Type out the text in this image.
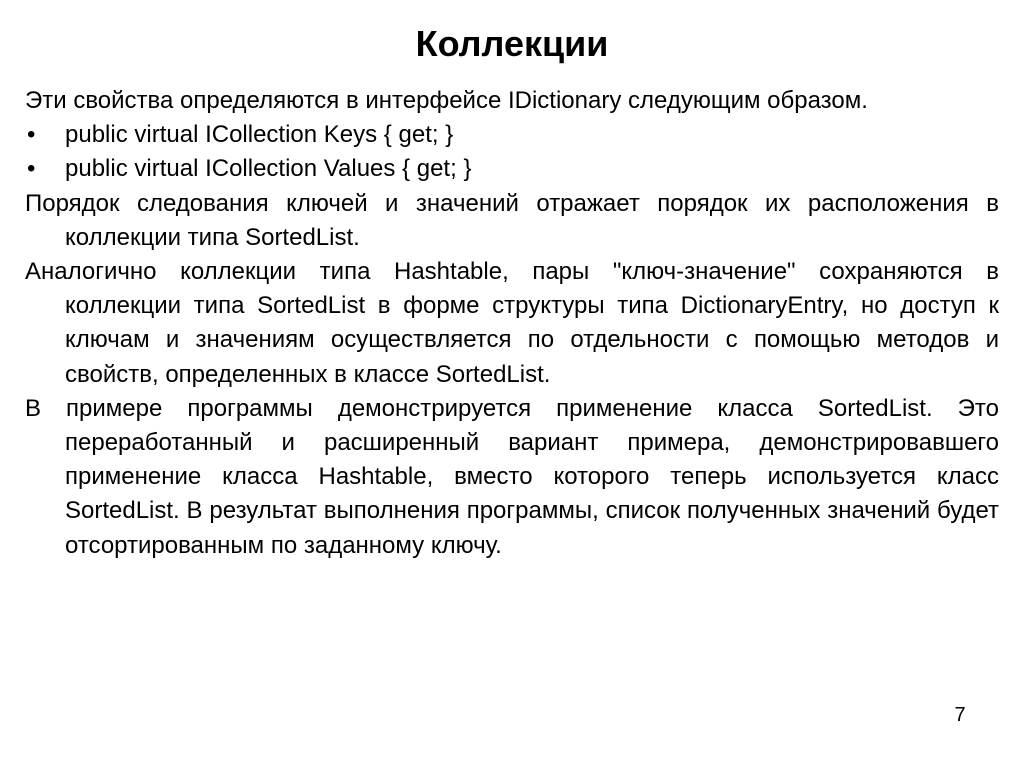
Коллекции

Эти свойства определяются в интерфейсе IDictionary следующим образом.

• public virtual ICollection Keys { get; }

• public virtual ICollection Values { get; }

Порядок следования ключей и значений отражает порядок их расположения в коллекции типа SortedList.

Аналогично коллекции типа Hashtable, пары "ключ-значение" сохраняются в коллекции типа SortedList в форме структуры типа DictionaryEntry, но доступ к ключам и значениям осуществляется по отдельности с помощью методов и свойств, определенных в классе SortedList.

В примере программы демонстрируется применение класса SortedList. Это переработанный и расширенный вариант примера, демонстрировавшего применение класса Hashtable, вместо которого теперь используется класс SortedList. В результат выполнения программы, список полученных значений будет отсортированным по заданному ключу.

7
